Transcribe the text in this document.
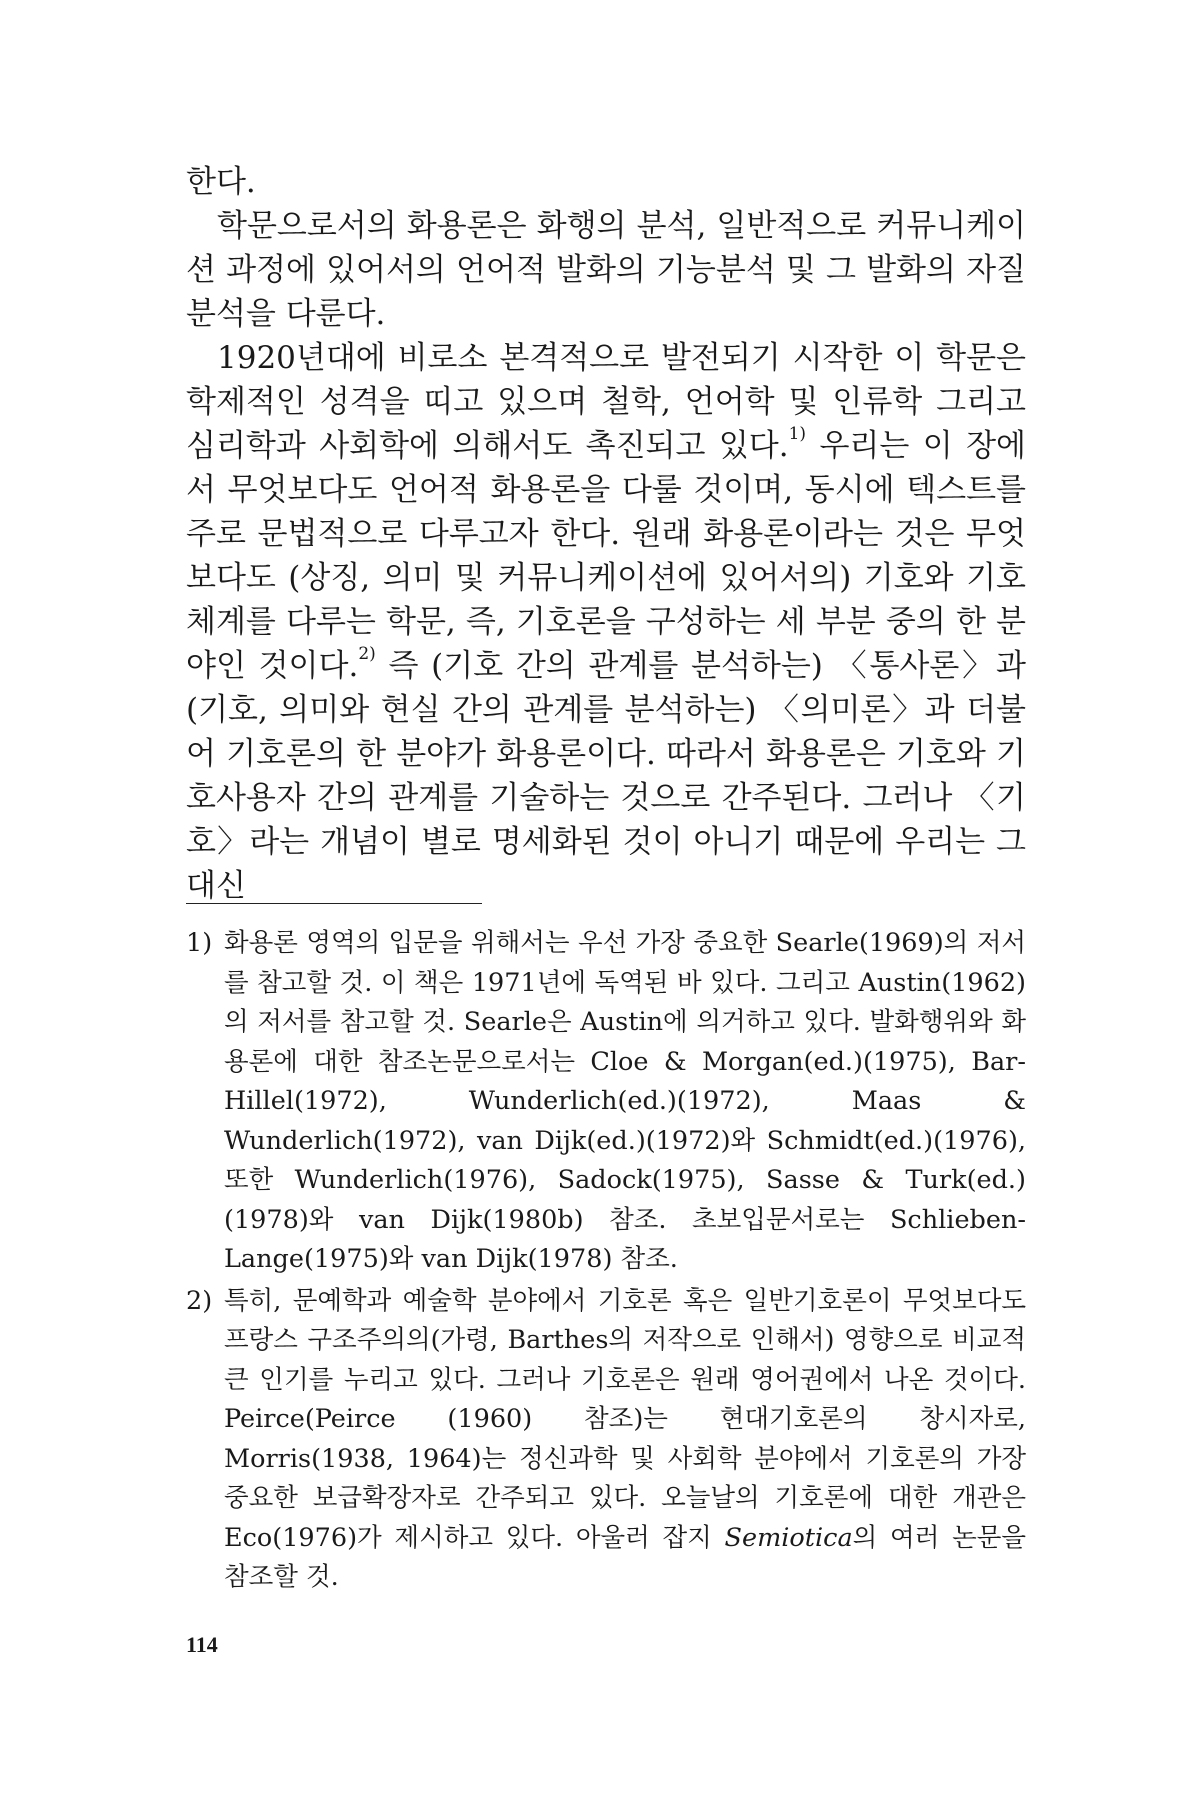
한다.

학문으로서의 화용론은 화행의 분석, 일반적으로 커뮤니케이션 과정에 있어서의 언어적 발화의 기능분석 및 그 발화의 자질분석을 다룬다.

1920년대에 비로소 본격적으로 발전되기 시작한 이 학문은 학제적인 성격을 띠고 있으며 철학, 언어학 및 인류학 그리고 심리학과 사회학에 의해서도 촉진되고 있다.$^{1)}$ 우리는 이 장에서 무엇보다도 언어적 화용론을 다룰 것이며, 동시에 텍스트를 주로 문법적으로 다루고자 한다. 원래 화용론이라는 것은 무엇보다도 (상징, 의미 및 커뮤니케이션에 있어서의) 기호와 기호체계를 다루는 학문, 즉, 기호론을 구성하는 세 부분 중의 한 분야인 것이다.$^{2)}$ 즉 (기호 간의 관계를 분석하는) 〈통사론〉과 (기호, 의미와 현실 간의 관계를 분석하는) 〈의미론〉과 더불어 기호론의 한 분야가 화용론이다. 따라서 화용론은 기호와 기호사용자 간의 관계를 기술하는 것으로 간주된다. 그러나 〈기호〉라는 개념이 별로 명세화된 것이 아니기 때문에 우리는 그 대신

1) 화용론 영역의 입문을 위해서는 우선 가장 중요한 Searle(1969)의 저서를 참고할 것. 이 책은 1971년에 독역된 바 있다. 그리고 Austin(1962)의 저서를 참고할 것. Searle은 Austin에 의거하고 있다. 발화행위와 화용론에 대한 참조논문으로서는 Cloe & Morgan(ed.)(1975), Bar-Hillel(1972), Wunderlich(ed.)(1972), Maas & Wunderlich(1972), van Dijk(ed.)(1972)와 Schmidt(ed.)(1976), 또한 Wunderlich(1976), Sadock(1975), Sasse & Turk(ed.)(1978)와 van Dijk(1980b) 참조. 초보입문서로는 Schlieben-Lange(1975)와 van Dijk(1978) 참조.
2) 특히, 문예학과 예술학 분야에서 기호론 혹은 일반기호론이 무엇보다도 프랑스 구조주의의(가령, Barthes의 저작으로 인해서) 영향으로 비교적 큰 인기를 누리고 있다. 그러나 기호론은 원래 영어권에서 나온 것이다. Peirce(Peirce (1960) 참조)는 현대기호론의 창시자로, Morris(1938, 1964)는 정신과학 및 사회학 분야에서 기호론의 가장 중요한 보급확장자로 간주되고 있다. 오늘날의 기호론에 대한 개관은 Eco(1976)가 제시하고 있다. 아울러 잡지 Semiotica의 여러 논문을 참조할 것.
114
